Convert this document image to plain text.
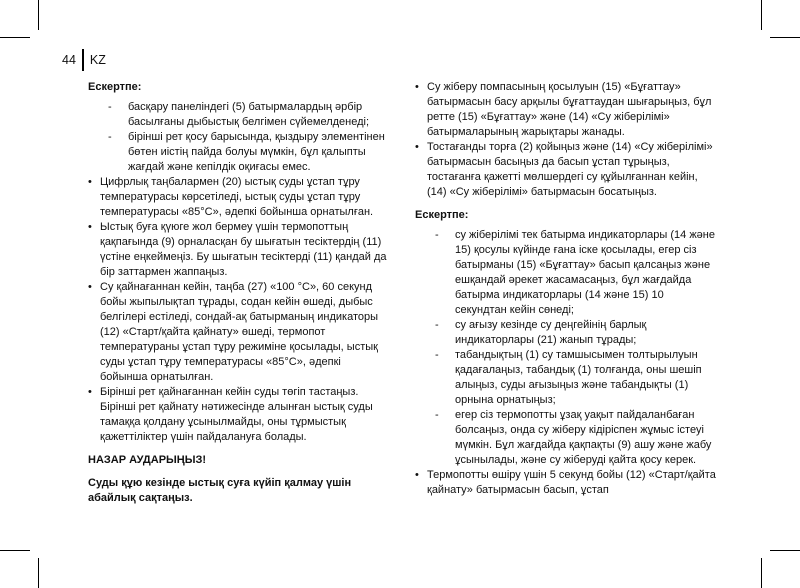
44	KZ
Ескертпе:
- басқару панеліндегі (5) батырмалардың әрбір басылғаны дыбыстық белгімен сүйемелденеді;
- бірінші рет қосу барысында, қыздыру элементінен бөтен иістің пайда болуы мүмкін, бұл қалыпты жағдай және кепілдік оқиғасы емес.
• Цифрлық таңбалармен (20) ыстық суды ұстап тұру температурасы көрсетіледі, ыстық суды ұстап тұру температурасы «85°С», әдепкі бойынша орнатылған.
• Ыстық буға қүюге жол бермеу үшін термопоттың қақпағында (9) орналасқан бу шығатын тесіктердің (11) үстіне еңкеймеңіз. Бу шығатын тесіктерді (11) қандай да бір заттармен жаппаңыз.
• Су қайнағаннан кейін, таңба (27) «100 °С», 60 секунд бойы жыпылықтап тұрады, содан кейін өшеді, дыбыс белгілері естіледі, сондай-ақ батырманың индикаторы (12) «Старт/қайта қайнату» өшеді, термопот температураны ұстап тұру режиміне қосылады, ыстық суды ұстап тұру температурасы «85°С», әдепкі бойынша орнатылған.
• Бірінші рет қайнағаннан кейін суды төгіп тастаңыз. Бірінші рет қайнату нәтижесінде алынған ыстық суды тамаққа қолдану ұсынылмайды, оны тұрмыстық қажеттіліктер үшін пайдалануға болады.
НАЗАР АУДАРЫҢЫЗ!
Суды құю кезінде ыстық суға күйіп қалмау үшін абайлық сақтаңыз.
• Су жіберу помпасының қосылуын (15) «Бұғаттау» батырмасын басу арқылы бұғаттаудан шығарыңыз, бұл ретте (15) «Бұғаттау» және (14) «Су жіберілімі» батырмаларының жарықтары жанады.
• Тостағанды торға (2) қойыңыз және (14) «Су жіберілімі» батырмасын басыңыз да басып ұстап тұрыңыз, тостағанға қажетті мөлшердегі су құйылғаннан кейін, (14) «Су жіберілімі» батырмасын босатыңыз.
Ескертпе:
- су жіберілімі тек батырма индикаторлары (14 және 15) қосулы күйінде ғана іске қосылады, егер сіз батырманы (15) «Бұғаттау» басып қалсаңыз және ешқандай әрекет жасамасаңыз, бұл жағдайда батырма индикаторлары (14 және 15) 10 секундтан кейін сөнеді;
- су ағызу кезінде су деңгейінің барлық индикаторлары (21) жанып тұрады;
- табандықтың (1) су тамшысымен толтырылуын қадағалаңыз, табандық (1) толғанда, оны шешіп алыңыз, суды ағызыңыз және табандықты (1) орнына орнатыңыз;
- егер сіз термопотты ұзақ уақыт пайдаланбаған болсаңыз, онда су жіберу кідіріспен жұмыс істеуі мүмкін. Бұл жағдайда қақпақты (9) ашу және жабу ұсынылады, және су жіберуді қайта қосу керек.
• Термопотты өшіру үшін 5 секунд бойы (12) «Старт/қайта қайнату» батырмасын басып, ұстап
